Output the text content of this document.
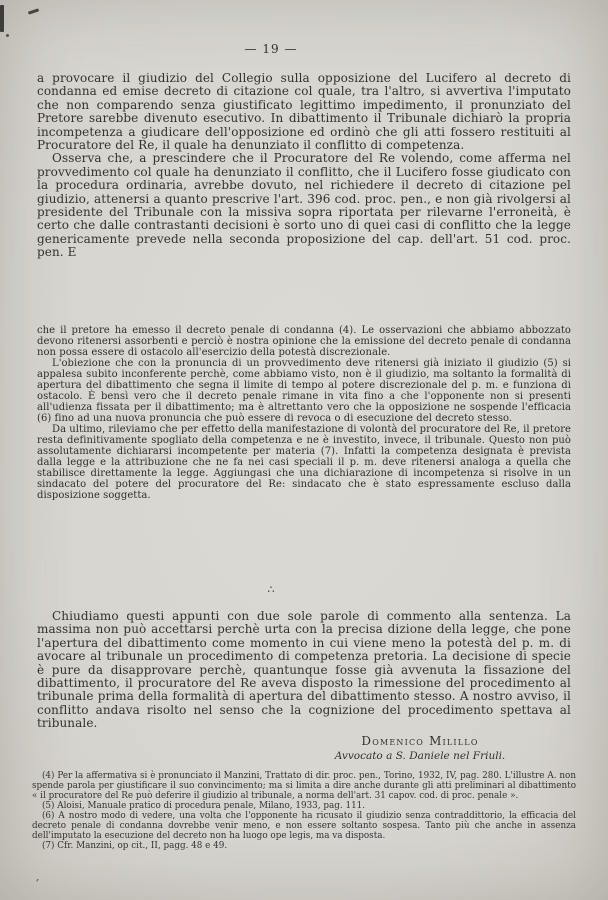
— 19 —

a provocare il giudizio del Collegio sulla opposizione del Lucifero al decreto di condanna ed emise decreto di citazione col quale, tra l'altro, si avvertiva l'imputato che non comparendo senza giustificato legittimo impedimento, il pronunziato del Pretore sarebbe divenuto esecutivo. In dibattimento il Tribunale dichiarò la propria incompetenza a giudicare dell'opposizione ed ordinò che gli atti fossero restituiti al Procuratore del Re, il quale ha denunziato il conflitto di competenza.

Osserva che, a prescindere che il Procuratore del Re volendo, come afferma nel provvedimento col quale ha denunziato il conflitto, che il Lucifero fosse giudicato con la procedura ordinaria, avrebbe dovuto, nel richiedere il decreto di citazione pel giudizio, attenersi a quanto prescrive l'art. 396 cod. proc. pen., e non già rivolgersi al presidente del Tribunale con la missiva sopra riportata per rilevarne l'erroneità, è certo che dalle contrastanti decisioni è sorto uno di quei casi di conflitto che la legge genericamente prevede nella seconda proposizione del cap. dell'art. 51 cod. proc. pen. E

che il pretore ha emesso il decreto penale di condanna (4). Le osservazioni che abbiamo abbozzato devono ritenersi assorbenti e perciò è nostra opinione che la emissione del decreto penale di condanna non possa essere di ostacolo all'esercizio della potestà discrezionale.

L'obiezione che con la pronuncia di un provvedimento deve ritenersi già iniziato il giudizio (5) si appalesa subito inconferente perchè, come abbiamo visto, non è il giudizio, ma soltanto la formalità di apertura del dibattimento che segna il limite di tempo al potere discrezionale del p. m. e funziona di ostacolo. È bensì vero che il decreto penale rimane in vita fino a che l'opponente non si presenti all'udienza fissata per il dibattimento; ma è altrettanto vero che la opposizione ne sospende l'efficacia (6) fino ad una nuova pronuncia che può essere di revoca o di esecuzione del decreto stesso.

Da ultimo, rileviamo che per effetto della manifestazione di volontà del procuratore del Re, il pretore resta definitivamente spogliato della competenza e ne è investito, invece, il tribunale. Questo non può assolutamente dichiararsi incompetente per materia (7). Infatti la competenza designata è prevista dalla legge e la attribuzione che ne fa nei casi speciali il p. m. deve ritenersi analoga a quella che stabilisce direttamente la legge. Aggiungasi che una dichiarazione di incompetenza si risolve in un sindacato del potere del procuratore del Re: sindacato che è stato espressamente escluso dalla disposizione soggetta.

∴

Chiudiamo questi appunti con due sole parole di commento alla sentenza. La massima non può accettarsi perchè urta con la precisa dizione della legge, che pone l'apertura del dibattimento come momento in cui viene meno la potestà del p. m. di avocare al tribunale un procedimento di competenza pretoria. La decisione di specie è pure da disapprovare perchè, quantunque fosse già avvenuta la fissazione del dibattimento, il procuratore del Re aveva disposto la rimessione del procedimento al tribunale prima della formalità di apertura del dibattimento stesso. A nostro avviso, il conflitto andava risolto nel senso che la cognizione del procedimento spettava al tribunale.

Domenico Milillo
Avvocato a S. Daniele nel Friuli.

(4) Per la affermativa si è pronunciato il Manzini, Trattato di dir. proc. pen., Torino, 1932, IV, pag. 280. L'illustre A. non spende parola per giustificare il suo convincimento; ma si limita a dire anche durante gli atti preliminari al dibattimento « il procuratore del Re può deferire il giudizio al tribunale, a norma dell'art. 31 capov. cod. di proc. penale ».

(5) Aloisi, Manuale pratico di procedura penale, Milano, 1933, pag. 111.

(6) A nostro modo di vedere, una volta che l'opponente ha ricusato il giudizio senza contraddittorio, la efficacia del decreto penale di condanna dovrebbe venir meno, e non essere soltanto sospesa. Tanto più che anche in assenza dell'imputato la esecuzione del decreto non ha luogo ope legis, ma va disposta.

(7) Cfr. Manzini, op cit., II, pagg. 48 e 49.

,
